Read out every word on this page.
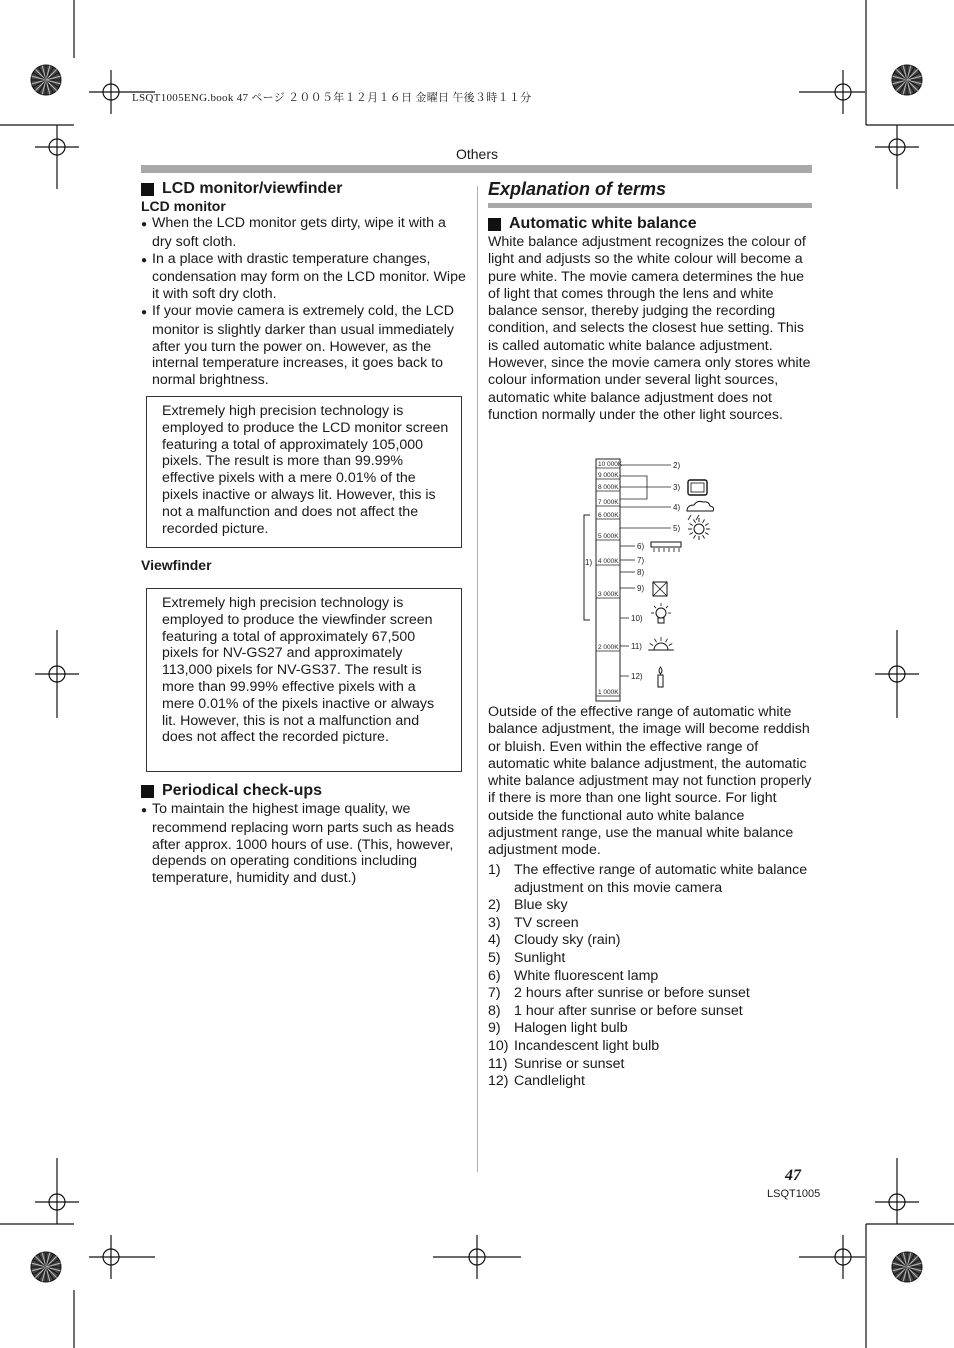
LSQT1005ENG.book 47 ページ ２００５年１２月１６日 金曜日 午後３時１１分
Others
LCD monitor/viewfinder
LCD monitor
● When the LCD monitor gets dirty, wipe it with a dry soft cloth.
● In a place with drastic temperature changes, condensation may form on the LCD monitor. Wipe it with soft dry cloth.
● If your movie camera is extremely cold, the LCD monitor is slightly darker than usual immediately after you turn the power on. However, as the internal temperature increases, it goes back to normal brightness.
Extremely high precision technology is employed to produce the LCD monitor screen featuring a total of approximately 105,000 pixels. The result is more than 99.99% effective pixels with a mere 0.01% of the pixels inactive or always lit. However, this is not a malfunction and does not affect the recorded picture.
Viewfinder
Extremely high precision technology is employed to produce the viewfinder screen featuring a total of approximately 67,500 pixels for NV-GS27 and approximately 113,000 pixels for NV-GS37. The result is more than 99.99% effective pixels with a mere 0.01% of the pixels inactive or always lit. However, this is not a malfunction and does not affect the recorded picture.
Periodical check-ups
● To maintain the highest image quality, we recommend replacing worn parts such as heads after approx. 1000 hours of use. (This, however, depends on operating conditions including temperature, humidity and dust.)
Explanation of terms
Automatic white balance
White balance adjustment recognizes the colour of light and adjusts so the white colour will become a pure white. The movie camera determines the hue of light that comes through the lens and white balance sensor, thereby judging the recording condition, and selects the closest hue setting. This is called automatic white balance adjustment. However, since the movie camera only stores white colour information under several light sources, automatic white balance adjustment does not function normally under the other light sources.
10 000K
9 000K
8 000K
7 000K
6 000K
5 000K
4 000K
3 000K
2 000K
1 000K
1)
2)
3)
4)
5)
6)
7)
8)
9)
10)
11)
12)
Outside of the effective range of automatic white balance adjustment, the image will become reddish or bluish. Even within the effective range of automatic white balance adjustment, the automatic white balance adjustment may not function properly if there is more than one light source. For light outside the functional auto white balance adjustment range, use the manual white balance adjustment mode.
1) The effective range of automatic white balance adjustment on this movie camera
2) Blue sky
3) TV screen
4) Cloudy sky (rain)
5) Sunlight
6) White fluorescent lamp
7) 2 hours after sunrise or before sunset
8) 1 hour after sunrise or before sunset
9) Halogen light bulb
10) Incandescent light bulb
11) Sunrise or sunset
12) Candlelight
47
LSQT1005
